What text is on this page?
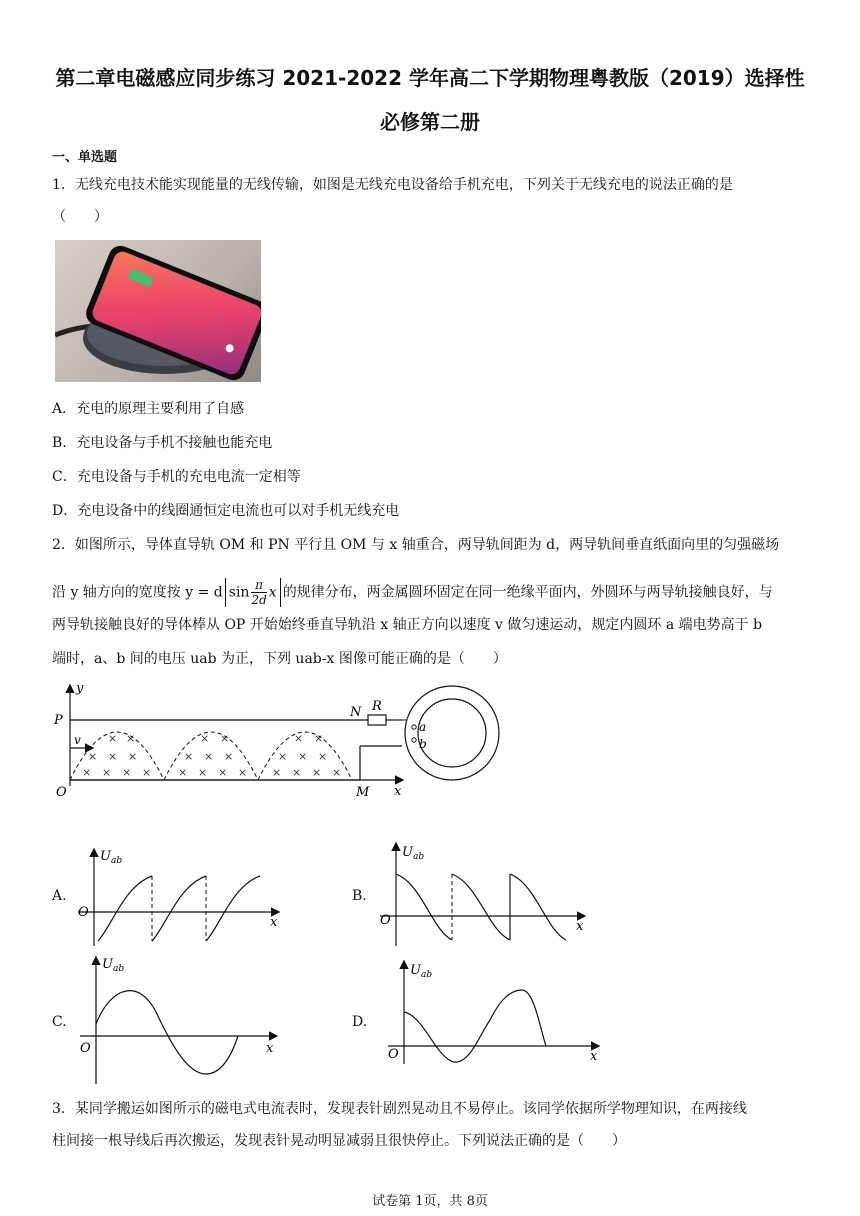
第二章电磁感应同步练习 2021-2022 学年高二下学期物理粤教版（2019）选择性
必修第二册
一、单选题
1．无线充电技术能实现能量的无线传输，如图是无线充电设备给手机充电，下列关于无线充电的说法正确的是
（　　）
A．充电的原理主要利用了自感
B．充电设备与手机不接触也能充电
C．充电设备与手机的充电电流一定相等
D．充电设备中的线圈通恒定电流也可以对手机无线充电
2．如图所示，导体直导轨 OM 和 PN 平行且 OM 与 x 轴重合，两导轨间距为 d，两导轨间垂直纸面向里的匀强磁场
沿 y 轴方向的宽度按 y = d $\sin \frac{\pi}{2d}$ x 的规律分布，两金属圆环固定在同一绝缘平面内，外圆环与两导轨接触良好，与
两导轨接触良好的导体棒从 OP 开始始终垂直导轨沿 x 轴正方向以速度 v 做匀速运动，规定内圆环 a 端电势高于 b
端时，a、b 间的电压 uab 为正，下列 uab-x 图像可能正确的是（　　）
y
× × ×
× × × ×
× ×
× × ×
× × × ×
× ×
× × ×
× × × ×
× ×
v
a
b
P
O
N R
M x
A.
$U_{ab}$
O
x
B.
$U_{ab}$
O	x
C.
$U_{ab}$
O	x
D.
$U_{ab}$
O	x
3．某同学搬运如图所示的磁电式电流表时，发现表针剧烈晃动且不易停止。该同学依据所学物理知识，在两接线
柱间接一根导线后再次搬运，发现表针晃动明显减弱且很快停止。下列说法正确的是（　　）
试卷第 1页，共 8页
